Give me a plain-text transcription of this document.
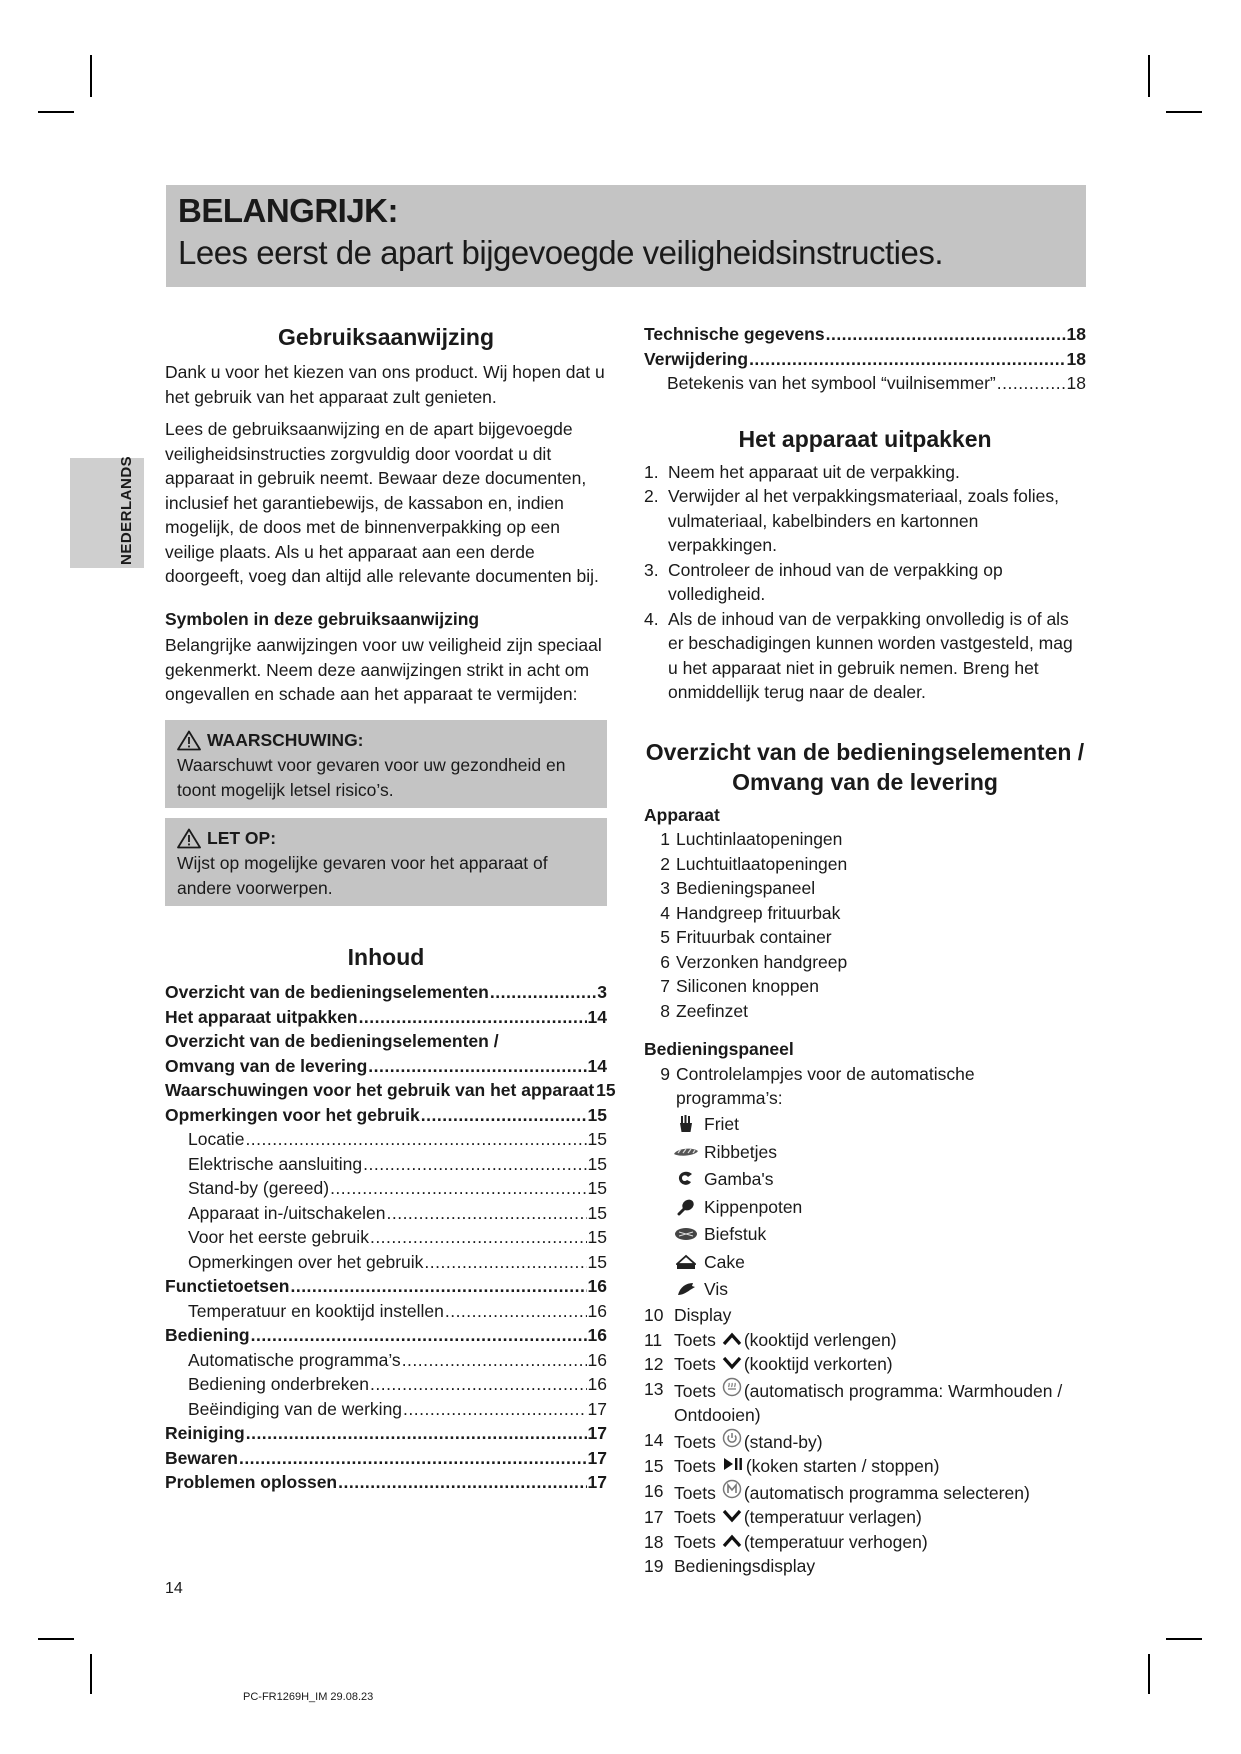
BELANGRIJK:
Lees eerst de apart bijgevoegde veiligheidsinstructies.
NEDERLANDS
Gebruiksaanwijzing

Dank u voor het kiezen van ons product. Wij hopen dat u het gebruik van het apparaat zult genieten.

Lees de gebruiksaanwijzing en de apart bijgevoegde veiligheidsinstructies zorgvuldig door voordat u dit apparaat in gebruik neemt. Bewaar deze documenten, inclusief het garantiebewijs, de kassabon en, indien mogelijk, de doos met de binnenverpakking op een veilige plaats. Als u het apparaat aan een derde doorgeeft, voeg dan altijd alle relevante documenten bij.

Symbolen in deze gebruiksaanwijzing

Belangrijke aanwijzingen voor uw veiligheid zijn speciaal gekenmerkt. Neem deze aanwijzingen strikt in acht om ongevallen en schade aan het apparaat te vermijden:

WAARSCHUWING:
Waarschuwt voor gevaren voor uw gezondheid en toont mogelijk letsel risico’s.
LET OP:
Wijst op mogelijke gevaren voor het apparaat of andere voorwerpen.
Inhoud
Overzicht van de bedieningselementen .....	3
Het apparaat uitpakken .....	14
Overzicht van de bedieningselementen /
Omvang van de levering .....	14
Waarschuwingen voor het gebruik van het apparaat 15
Opmerkingen voor het gebruik .....	15
Locatie .....	15
Elektrische aansluiting .....	15
Stand-by (gereed) .....	15
Apparaat in-/uitschakelen .....	15
Voor het eerste gebruik .....	15
Opmerkingen over het gebruik .....	15
Functietoetsen .....	16
Temperatuur en kooktijd instellen .....	16
Bediening .....	16
Automatische programma’s .....	16
Bediening onderbreken .....	16
Beëindiging van de werking .....	17
Reiniging .....	17
Bewaren .....	17
Problemen oplossen .....	17
Technische gegevens .....	18
Verwijdering .....	18
Betekenis van het symbool “vuilnisemmer” .....	18
Het apparaat uitpakken
1. Neem het apparaat uit de verpakking.
2. Verwijder al het verpakkingsmateriaal, zoals folies, vulmateriaal, kabelbinders en kartonnen verpakkingen.
3. Controleer de inhoud van de verpakking op volledigheid.
4. Als de inhoud van de verpakking onvolledig is of als er beschadigingen kunnen worden vastgesteld, mag u het apparaat niet in gebruik nemen. Breng het onmiddellijk terug naar de dealer.
Overzicht van de bedieningselementen /
Omvang van de levering

Apparaat

1 Luchtinlaatopeningen
2 Luchtuitlaatopeningen
3 Bedieningspaneel
4 Handgreep frituurbak
5 Frituurbak container
6 Verzonken handgreep
7 Siliconen knoppen
8 Zeefinzet

Bedieningspaneel

9 Controlelampjes voor de automatische programma’s:
Friet
Ribbetjes
Gamba's
Kippenpoten
Biefstuk
Cake
Vis
10 Display
11 Toets (kooktijd verlengen)
12 Toets (kooktijd verkorten)
13 Toets (automatisch programma: Warmhouden /
Ontdooien)
14 Toets (stand-by)
15 Toets (koken starten / stoppen)
16 Toets (automatisch programma selecteren)
17 Toets (temperatuur verlagen)
18 Toets (temperatuur verhogen)
19 Bedieningsdisplay
14
PC-FR1269H_IM 29.08.23
